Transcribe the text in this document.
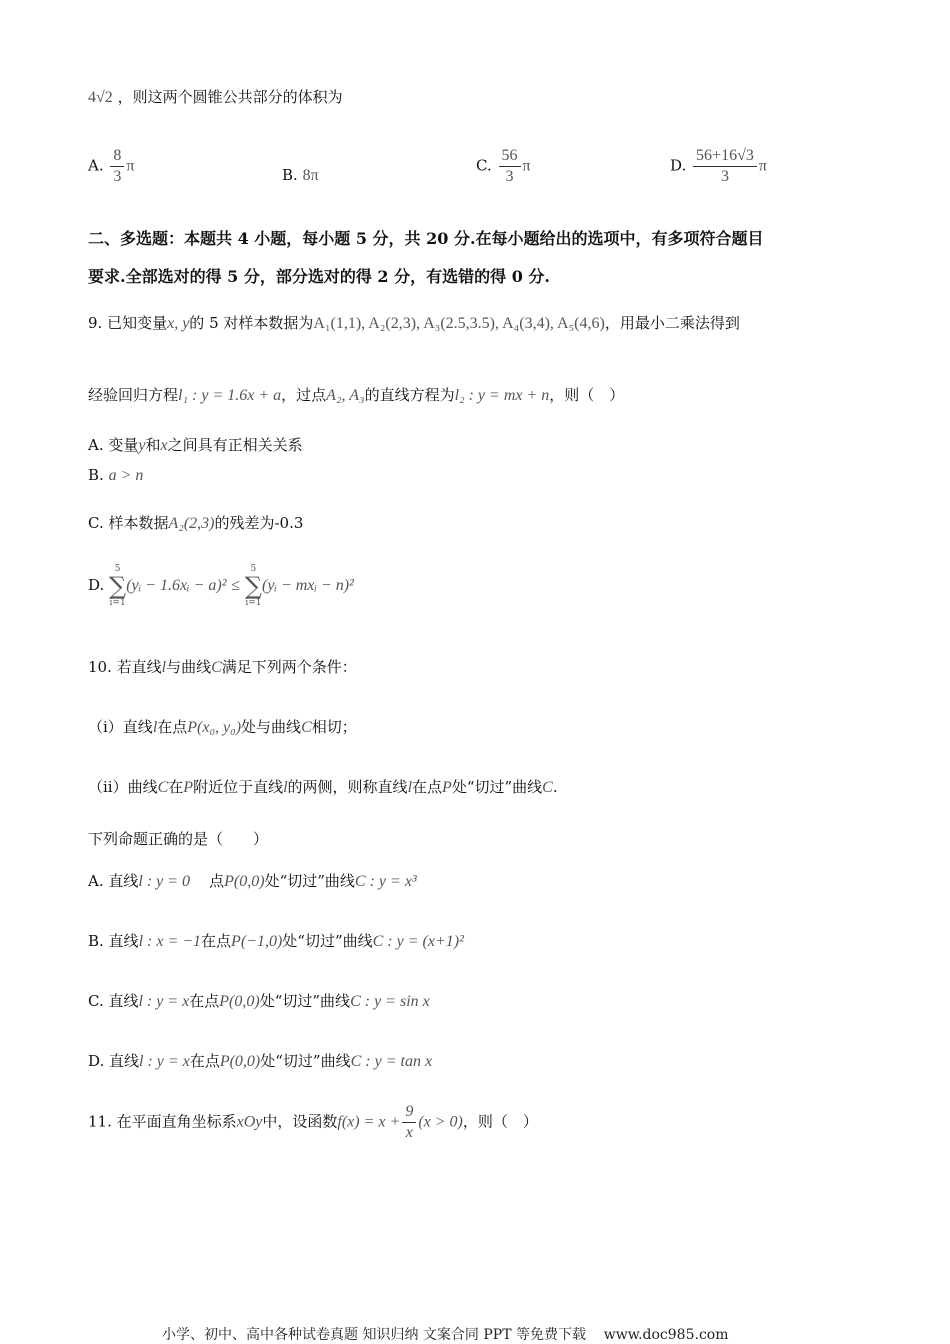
4√2 ，则这两个圆锥公共部分的体积为
A. $\frac{8}{3}$ π	B. 8π
C. $\frac{56}{3}$ π	D. $\frac{56+16√3}{3}$ π
二、多选题：本题共 4 小题，每小题 5 分，共 20 分.在每小题给出的选项中，有多项符合题目
要求.全部选对的得 5 分，部分选对的得 2 分，有选错的得 0 分.
9. 已知变量x, y的 5 对样本数据为A₁(1,1), A₂(2,3), A₃(2.5,3.5), A₄(3,4), A₅(4,6)，用最小二乘法得到
经验回归方程l₁ : y = 1.6x + a，过点A₂, A₃的直线方程为l₂ : y = mx + n，则（　）
A. 变量y和x之间具有正相关关系
B. a > n
C. 样本数据A₂(2,3)的残差为-0.3
D.
5
∑
i=1
(yᵢ − 1.6xᵢ − a)² ≤
5
∑
i=1
(yᵢ − mxᵢ − n)²
10. 若直线l与曲线C满足下列两个条件：
（i）直线l在点P(x₀, y₀)处与曲线C相切；
（ii）曲线C在P附近位于直线l的两侧，则称直线l在点P处“切过”曲线C.
下列命题正确的是（　　）
A. 直线l : y = 0 点P(0,0)处“切过”曲线C : y = x³
B. 直线l : x = −1在点P(−1,0)处“切过”曲线C : y = (x+1)²
C. 直线l : y = x在点P(0,0)处“切过”曲线C : y = sin x
D. 直线l : y = x在点P(0,0)处“切过”曲线C : y = tan x
11. 在平面直角坐标系xOy中，设函数$f(x) = x + \frac{9}{x} (x > 0)$，则（　）
小学、初中、高中各种试卷真题 知识归纳 文案合同 PPT 等免费下载 www.doc985.com
